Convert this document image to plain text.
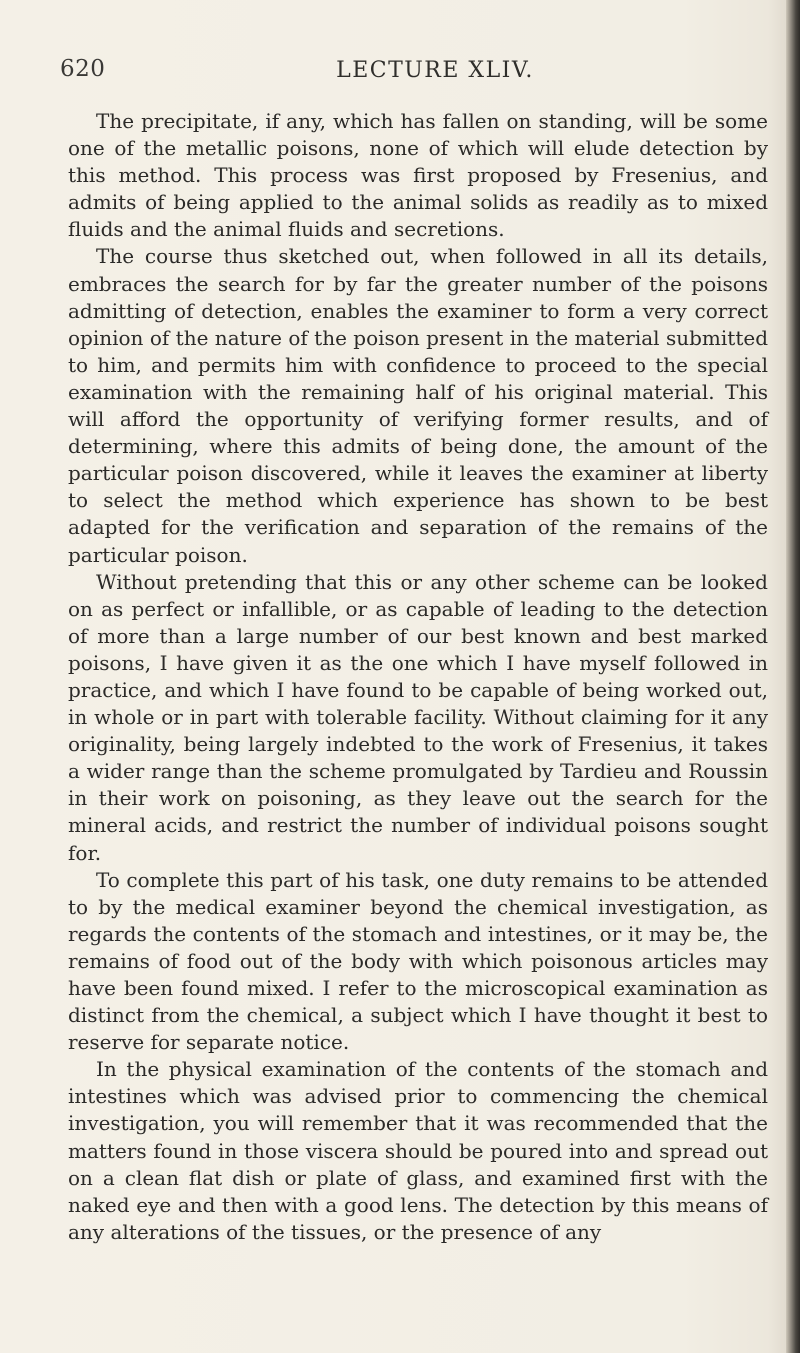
620	LECTURE XLIV.

The precipitate, if any, which has fallen on standing, will be some one of the metallic poisons, none of which will elude detection by this method. This process was first proposed by Fresenius, and admits of being applied to the animal solids as readily as to mixed fluids and the animal fluids and secretions.

The course thus sketched out, when followed in all its details, embraces the search for by far the greater number of the poisons admitting of detection, enables the examiner to form a very correct opinion of the nature of the poison present in the material submitted to him, and permits him with confidence to proceed to the special examination with the remaining half of his original material. This will afford the opportunity of verifying former results, and of determining, where this admits of being done, the amount of the particular poison discovered, while it leaves the examiner at liberty to select the method which experience has shown to be best adapted for the verification and separation of the remains of the particular poison.

Without pretending that this or any other scheme can be looked on as perfect or infallible, or as capable of leading to the detection of more than a large number of our best known and best marked poisons, I have given it as the one which I have myself followed in practice, and which I have found to be capable of being worked out, in whole or in part with tolerable facility. Without claiming for it any originality, being largely indebted to the work of Fresenius, it takes a wider range than the scheme promulgated by Tardieu and Roussin in their work on poisoning, as they leave out the search for the mineral acids, and restrict the number of individual poisons sought for.

To complete this part of his task, one duty remains to be attended to by the medical examiner beyond the chemical investigation, as regards the contents of the stomach and intestines, or it may be, the remains of food out of the body with which poisonous articles may have been found mixed. I refer to the microscopical examination as distinct from the chemical, a subject which I have thought it best to reserve for separate notice.

In the physical examination of the contents of the stomach and intestines which was advised prior to commencing the chemical investigation, you will remember that it was recommended that the matters found in those viscera should be poured into and spread out on a clean flat dish or plate of glass, and examined first with the naked eye and then with a good lens. The detection by this means of any alterations of the tissues, or the presence of any
